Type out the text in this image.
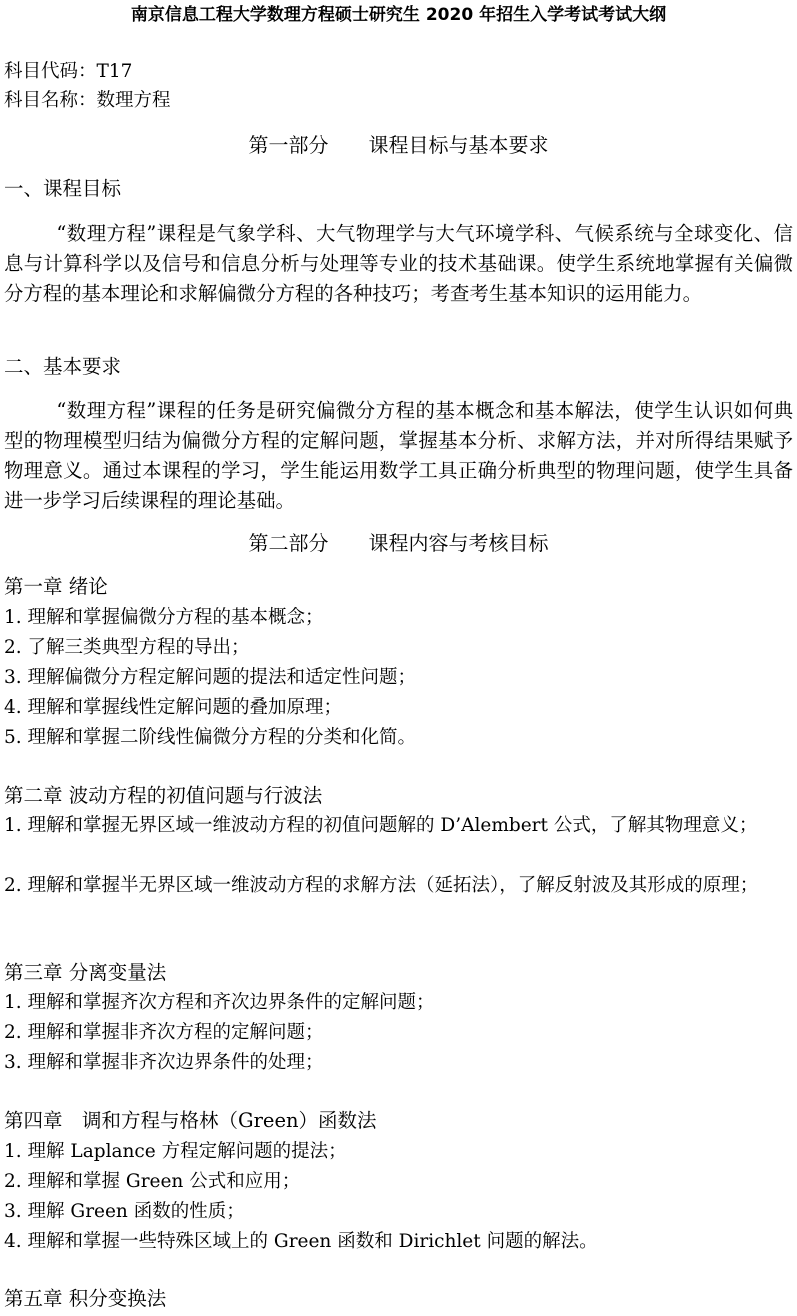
南京信息工程大学数理方程硕士研究生 2020 年招生入学考试考试大纲
科目代码：T17
科目名称：数理方程
第一部分　　课程目标与基本要求
一、课程目标
“数理方程”课程是气象学科、大气物理学与大气环境学科、气候系统与全球变化、信息与计算科学以及信号和信息分析与处理等专业的技术基础课。使学生系统地掌握有关偏微分方程的基本理论和求解偏微分方程的各种技巧；考查考生基本知识的运用能力。
二、基本要求
“数理方程”课程的任务是研究偏微分方程的基本概念和基本解法，使学生认识如何典型的物理模型归结为偏微分方程的定解问题，掌握基本分析、求解方法，并对所得结果赋予物理意义。通过本课程的学习，学生能运用数学工具正确分析典型的物理问题，使学生具备进一步学习后续课程的理论基础。
第二部分　　课程内容与考核目标
第一章 绪论
1. 理解和掌握偏微分方程的基本概念；
2. 了解三类典型方程的导出；
3. 理解偏微分方程定解问题的提法和适定性问题；
4. 理解和掌握线性定解问题的叠加原理；
5. 理解和掌握二阶线性偏微分方程的分类和化简。
第二章 波动方程的初值问题与行波法
1. 理解和掌握无界区域一维波动方程的初值问题解的 D’Alembert 公式，了解其物理意义；
2. 理解和掌握半无界区域一维波动方程的求解方法（延拓法），了解反射波及其形成的原理；
第三章 分离变量法
1. 理解和掌握齐次方程和齐次边界条件的定解问题；
2. 理解和掌握非齐次方程的定解问题；
3. 理解和掌握非齐次边界条件的处理；
第四章　调和方程与格林（Green）函数法
1. 理解 Laplance 方程定解问题的提法；
2. 理解和掌握 Green 公式和应用；
3. 理解 Green 函数的性质；
4. 理解和掌握一些特殊区域上的 Green 函数和 Dirichlet 问题的解法。
第五章 积分变换法
